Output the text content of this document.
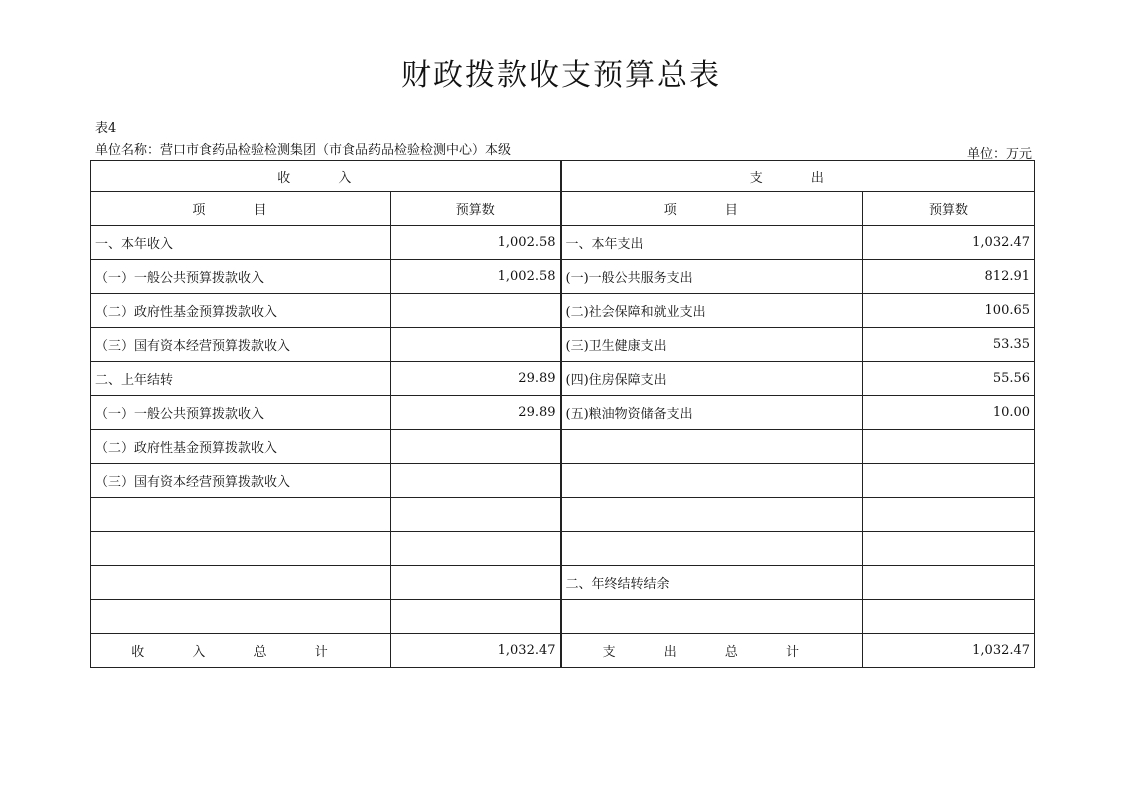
财政拨款收支预算总表
表4
单位名称：营口市食药品检验检测集团（市食品药品检验检测中心）本级	单位：万元
收 入		支 出	
项 目	预算数	项 目	预算数
一、本年收入	1,002.58	一、本年支出	1,032.47
（一）一般公共预算拨款收入	1,002.58	(一)一般公共服务支出	812.91
（二）政府性基金预算拨款收入		(二)社会保障和就业支出	100.65
（三）国有资本经营预算拨款收入		(三)卫生健康支出	53.35
二、上年结转	29.89	(四)住房保障支出	55.56
（一）一般公共预算拨款收入	29.89	(五)粮油物资储备支出	10.00
（二）政府性基金预算拨款收入			
（三）国有资本经营预算拨款收入			

		二、年终结转结余	

收 入 总 计	1,032.47	支 出 总 计	1,032.47
